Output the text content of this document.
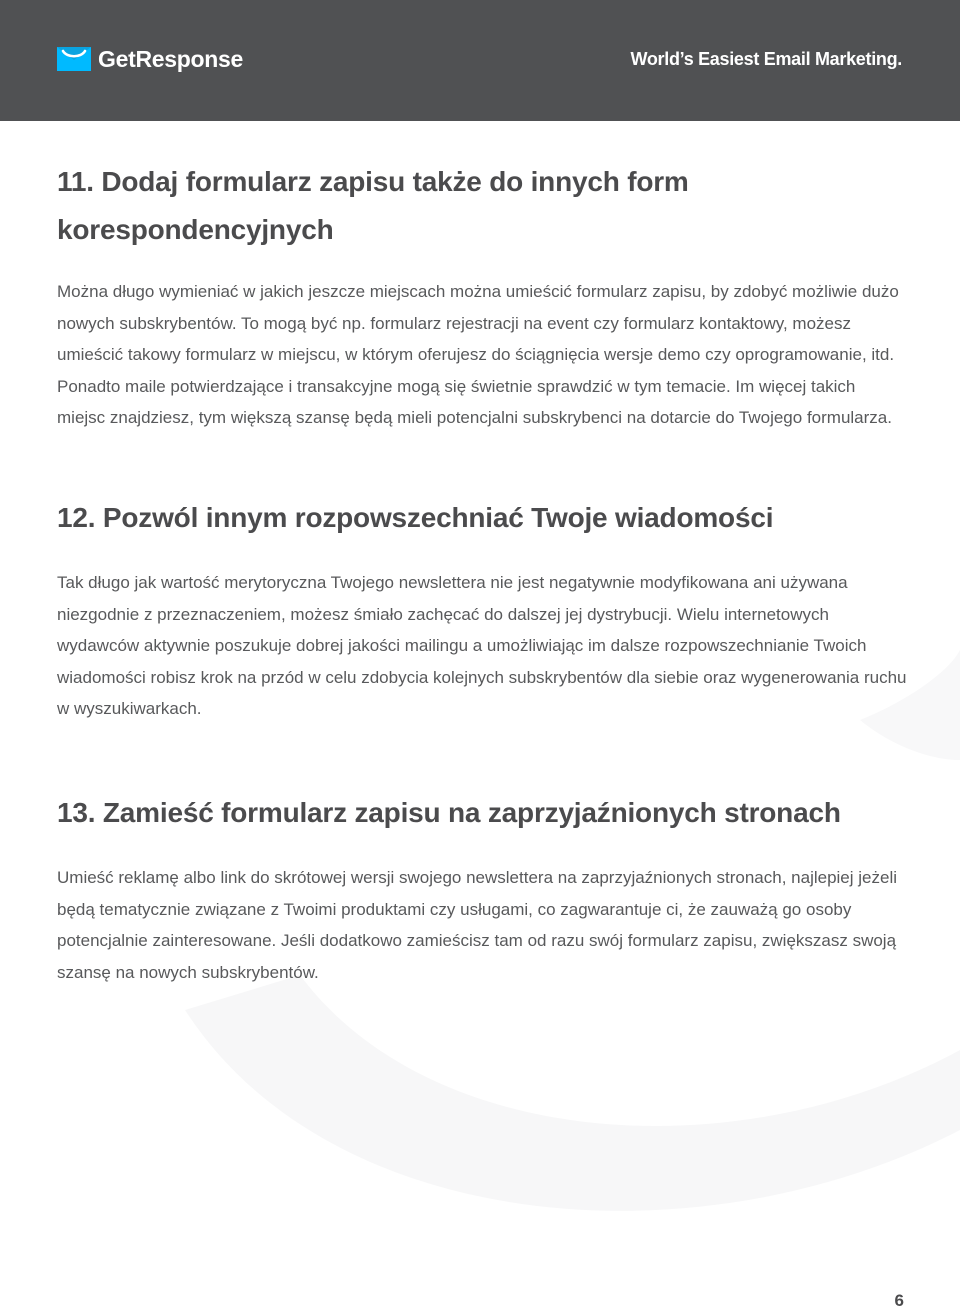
GetResponse	World’s Easiest Email Marketing.
11. Dodaj formularz zapisu także do innych form korespondencyjnych

Można długo wymieniać w jakich jeszcze miejscach można umieścić formularz zapisu, by zdobyć możliwie dużo nowych subskrybentów. To mogą być np. formularz rejestracji na event czy formularz kontaktowy, możesz umieścić takowy formularz w miejscu, w którym oferujesz do ściągnięcia wersje demo czy oprogramowanie, itd. Ponadto maile potwierdzające i transakcyjne mogą się świetnie sprawdzić w tym temacie. Im więcej takich miejsc znajdziesz, tym większą szansę będą mieli potencjalni subskrybenci na dotarcie do Twojego formularza.

12. Pozwól innym rozpowszechniać Twoje wiadomości

Tak długo jak wartość merytoryczna Twojego newslettera nie jest negatywnie modyfikowana ani używana niezgodnie z przeznaczeniem, możesz śmiało zachęcać do dalszej jej dystrybucji. Wielu internetowych wydawców aktywnie poszukuje dobrej jakości mailingu a umożliwiając im dalsze rozpowszechnianie Twoich wiadomości robisz krok na przód w celu zdobycia kolejnych subskrybentów dla siebie oraz wygenerowania ruchu w wyszukiwarkach.

13. Zamieść formularz zapisu na zaprzyjaźnionych stronach

Umieść reklamę albo link do skrótowej wersji swojego newslettera na zaprzyjaźnionych stronach, najlepiej jeżeli będą tematycznie związane z Twoimi produktami czy usługami, co zagwarantuje ci, że zauważą go osoby potencjalnie zainteresowane. Jeśli dodatkowo zamieścisz tam od razu swój formularz zapisu, zwiększasz swoją szansę na nowych subskrybentów.

6
